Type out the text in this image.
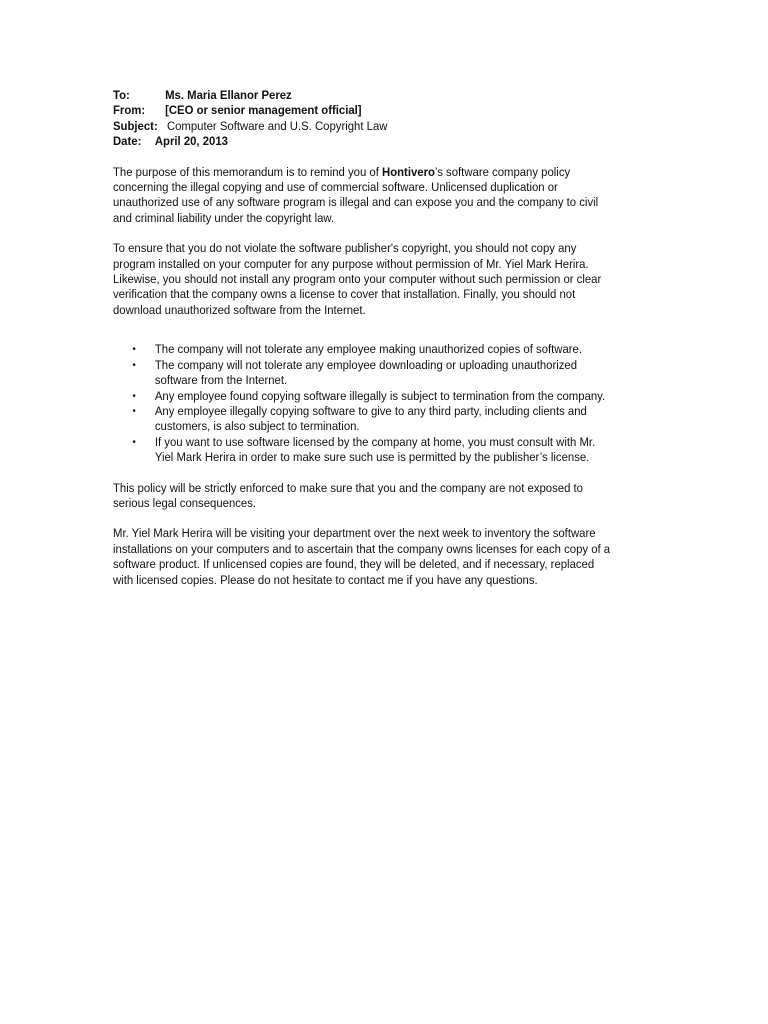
To:	Ms. Maria Ellanor Perez
From:	[CEO or senior management official]
Subject: Computer Software and U.S. Copyright Law
Date:	April 20, 2013

The purpose of this memorandum is to remind you of Hontivero’s software company policy concerning the illegal copying and use of commercial software. Unlicensed duplication or unauthorized use of any software program is illegal and can expose you and the company to civil and criminal liability under the copyright law.

To ensure that you do not violate the software publisher's copyright, you should not copy any program installed on your computer for any purpose without permission of Mr. Yiel Mark Herira. Likewise, you should not install any program onto your computer without such permission or clear verification that the company owns a license to cover that installation. Finally, you should not download unauthorized software from the Internet.

• The company will not tolerate any employee making unauthorized copies of software.
• The company will not tolerate any employee downloading or uploading unauthorized software from the Internet.
• Any employee found copying software illegally is subject to termination from the company.
• Any employee illegally copying software to give to any third party, including clients and customers, is also subject to termination.
• If you want to use software licensed by the company at home, you must consult with Mr. Yiel Mark Herira in order to make sure such use is permitted by the publisher’s license.

This policy will be strictly enforced to make sure that you and the company are not exposed to serious legal consequences.

Mr. Yiel Mark Herira will be visiting your department over the next week to inventory the software installations on your computers and to ascertain that the company owns licenses for each copy of a software product. If unlicensed copies are found, they will be deleted, and if necessary, replaced with licensed copies. Please do not hesitate to contact me if you have any questions.
